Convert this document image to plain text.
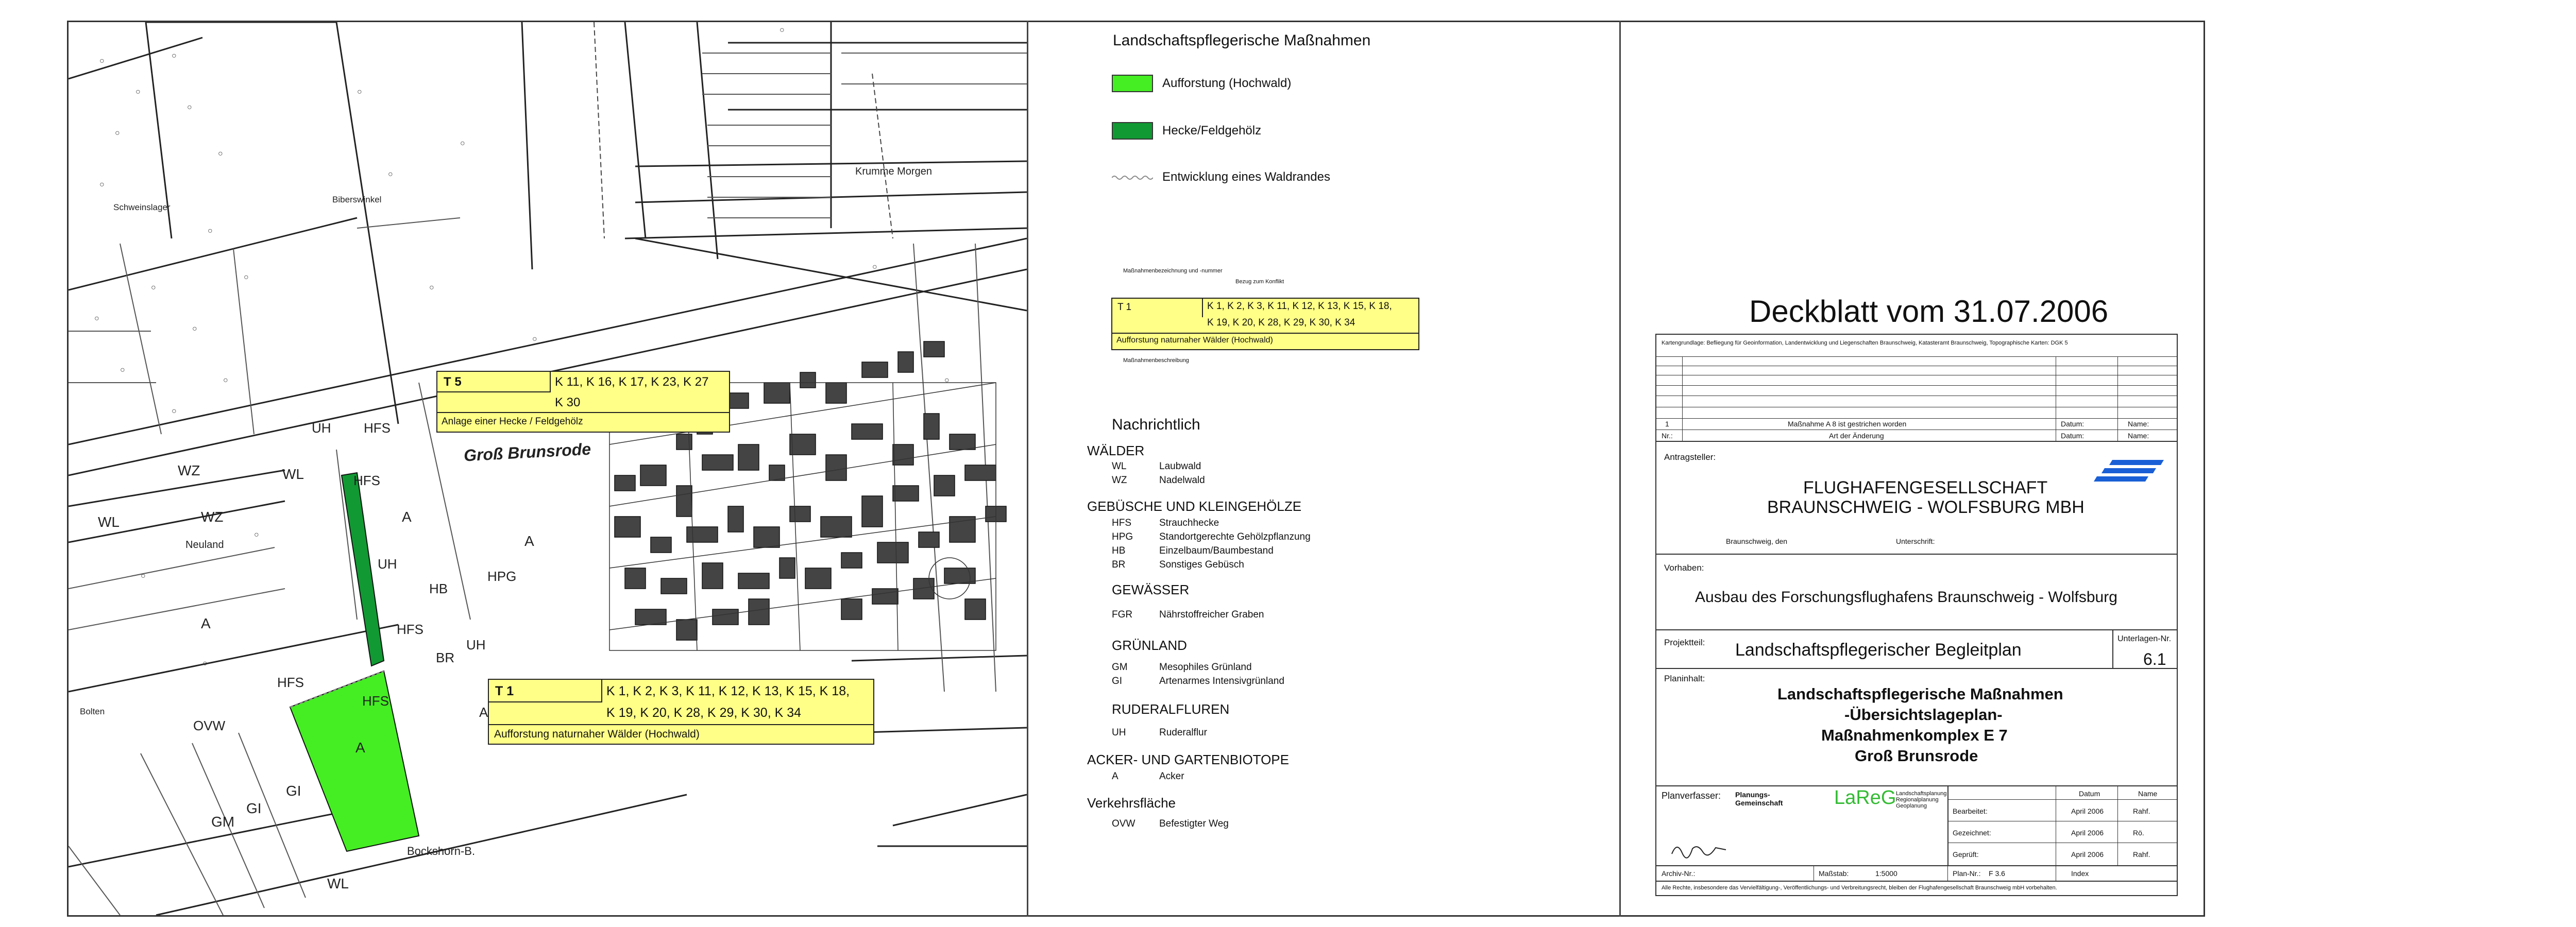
○
○
○
○
○
○
○
○
○
○
○
○
○
○
○
○
○
○
○
○
○
○
○
○
○
○
Schweinslager
Biberswinkel
Krumme Morgen
Groß Brunsrode
Neuland
Bolten
Bockshorn-B.
UH HFS
WZ	WL	HFS
WL	WZ	A
A
UH
HB
HPG
A	HFS
UH
BR
HFS
HFS
A
OVW
A
GI
GI
GM
WL
T 5	K 11, K 16, K 17, K 23, K 27
K 30
Anlage einer Hecke / Feldgehölz
T 1	K 1, K 2, K 3, K 11, K 12, K 13, K 15, K 18,
K 19, K 20, K 28, K 29, K 30, K 34
Aufforstung naturnaher Wälder (Hochwald)
Landschaftspflegerische Maßnahmen
Aufforstung (Hochwald)
Hecke/Feldgehölz
Entwicklung eines Waldrandes
Maßnahmenbezeichnung und -nummer
Bezug zum Konflikt
T 1	K 1, K 2, K 3, K 11, K 12, K 13, K 15, K 18,
K 19, K 20, K 28, K 29, K 30, K 34
Aufforstung naturnaher Wälder (Hochwald)
Maßnahmenbeschreibung
Nachrichtlich
WÄLDER
WL	Laubwald
WZ	Nadelwald
GEBÜSCHE UND KLEINGEHÖLZE
HFS	Strauchhecke
HPG	Standortgerechte Gehölzpflanzung
HB	Einzelbaum/Baumbestand
BR	Sonstiges Gebüsch
GEWÄSSER
FGR	Nährstoffreicher Graben
GRÜNLAND
GM	Mesophiles Grünland
GI	Artenarmes Intensivgrünland
RUDERALFLUREN
UH	Ruderalflur
ACKER- UND GARTENBIOTOPE
A	Acker
Verkehrsfläche
OVW Befestigter Weg
Deckblatt vom 31.07.2006
Kartengrundlage: Befliegung für Geoinformation, Landentwicklung und Liegenschaften Braunschweig, Katasteramt Braunschweig, Topographische Karten: DGK 5
1	Maßnahme A 8 ist gestrichen worden	Datum:	Name:
Nr.:	Art der Änderung	Datum:	Name:
Antragsteller:
FLUGHAFENGESELLSCHAFT
BRAUNSCHWEIG - WOLFSBURG MBH
Braunschweig, den	Unterschrift:
Vorhaben:
Ausbau des Forschungsflughafens Braunschweig - Wolfsburg
Projektteil: Landschaftspflegerischer Begleitplan
Unterlagen-Nr.
6.1
Planinhalt:
Landschaftspflegerische Maßnahmen
-Übersichtslageplan-
Maßnahmenkomplex E 7
Groß Brunsrode
Planverfasser: Planungs-Gemeinschaft	LaReG Landschaftsplanung Regionalplanung Geoplanung
Datum	Name
Bearbeitet:	April 2006	Rahf.
Gezeichnet:	April 2006	Rö.
Geprüft:	April 2006	Rahf.
Archiv-Nr.:	Maßstab:	1:5000	Plan-Nr.: F 3.6	Index
Alle Rechte, insbesondere das Vervielfältigung-, Veröffentlichungs- und Verbreitungsrecht, bleiben der Flughafengesellschaft Braunschweig mbH vorbehalten.
